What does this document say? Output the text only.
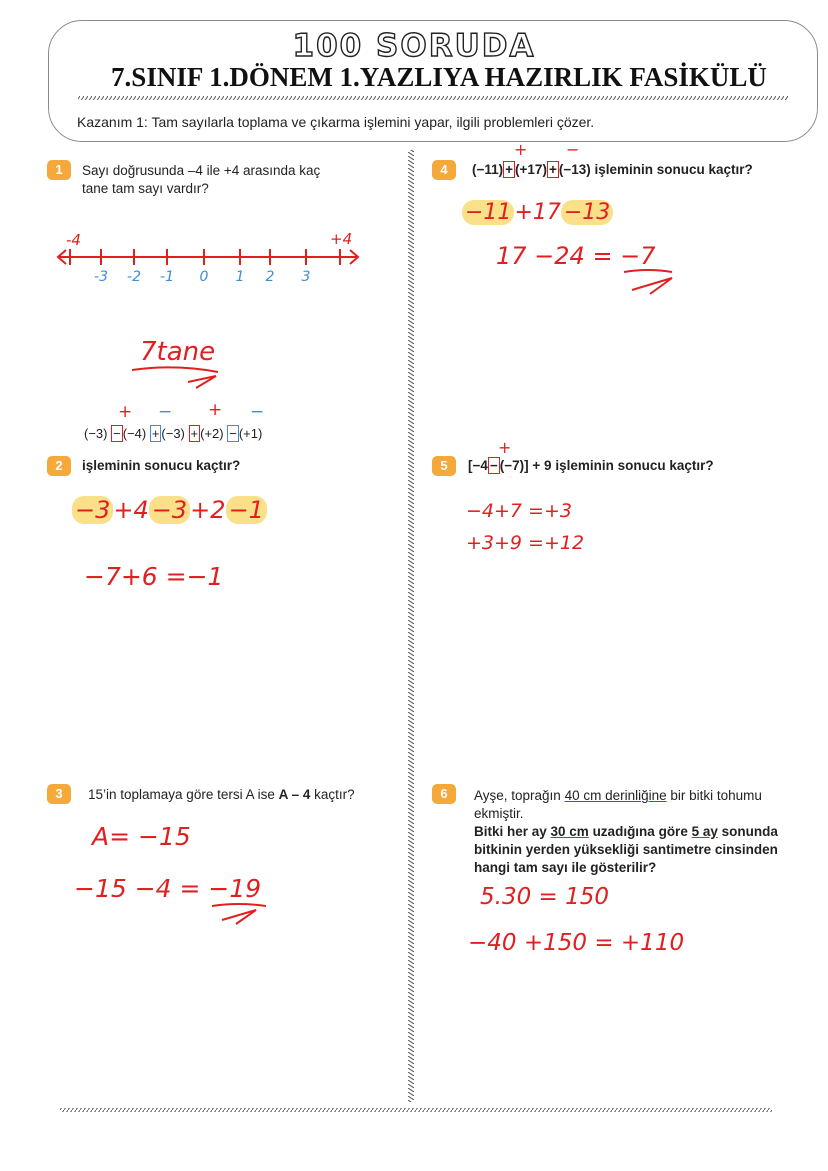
100 SORUDA
7.SINIF 1.DÖNEM 1.YAZLIYA HAZIRLIK FASİKÜLÜ
Kazanım 1: Tam sayılarla toplama ve çıkarma işlemini yapar, ilgili problemleri çözer.
1	Sayı doğrusunda –4 ile +4 arasında kaç
tane tam sayı vardır?
-4	+4
-3 -2 -1 0 1 2 3
7tane
(−3) − (−4) + (−3) + (+2) − (+1)
+ − + −
2	işleminin sonucu kaçtır?
−3 +4 −3 +2 −1
−7+6 =−1
3	15’in toplamaya göre tersi A ise A – 4 kaçtır?
A= −15
−15 −4 = −19
4	(−11) + (+17) + (−13) işleminin sonucu kaçtır?
+ −
−11 +17 −13
17 −24 = −7
5	[−4 − (−7)] + 9 işleminin sonucu kaçtır?
+
−4+7 =+3
+3+9 =+12
6	Ayşe, toprağın 40 cm derinliğine bir bitki tohumu
ekmiştir.
Bitki her ay 30 cm uzadığına göre 5 ay sonunda
bitkinin yerden yüksekliği santimetre cinsinden
hangi tam sayı ile gösterilir?
5.30 = 150
−40 +150 = +110
